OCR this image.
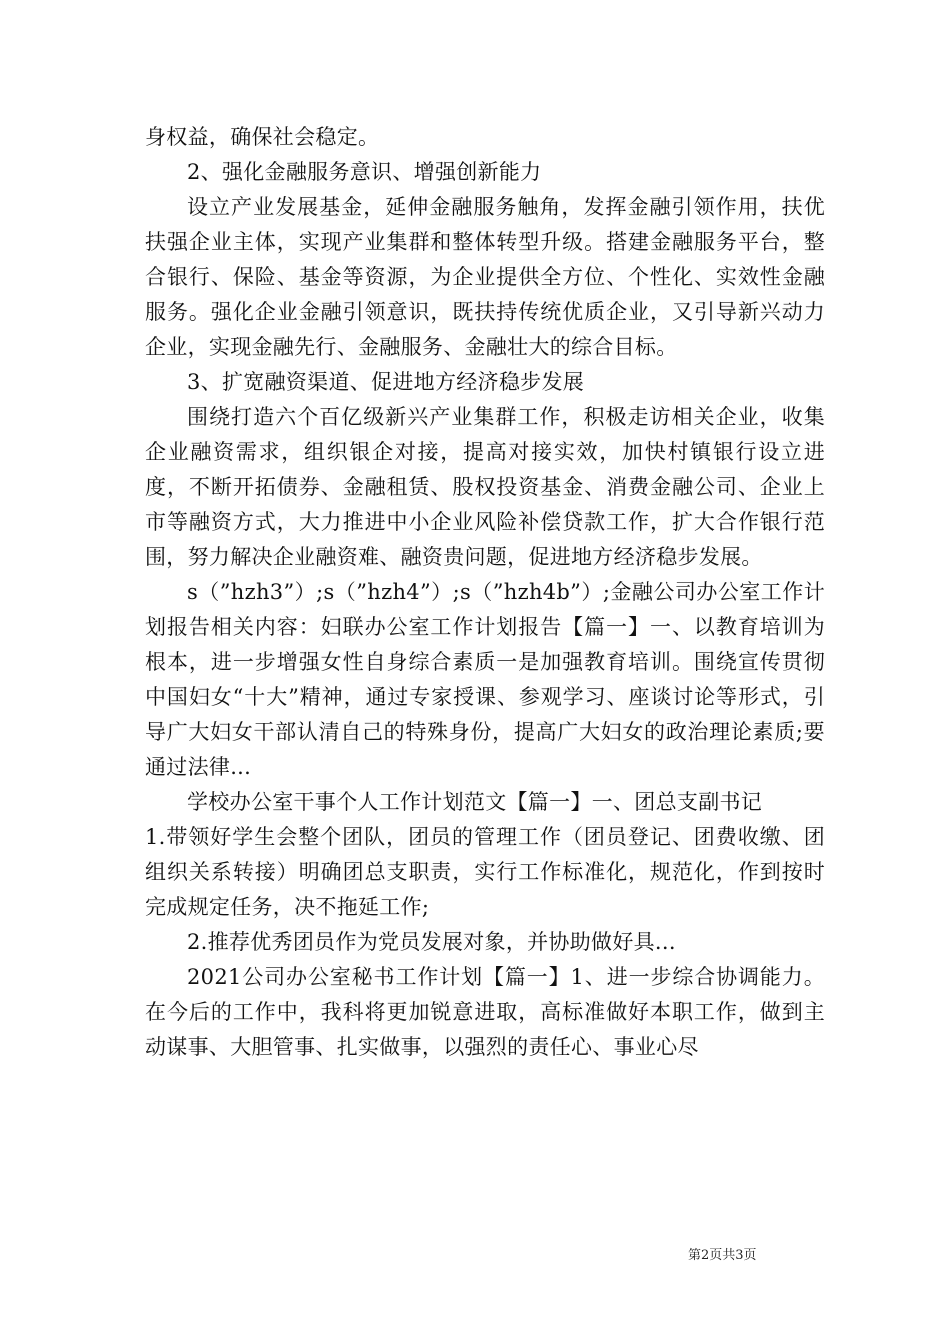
身权益，确保社会稳定。

2、强化金融服务意识、增强创新能力

设立产业发展基金，延伸金融服务触角，发挥金融引领作用，扶优扶强企业主体，实现产业集群和整体转型升级。搭建金融服务平台，整合银行、保险、基金等资源，为企业提供全方位、个性化、实效性金融服务。强化企业金融引领意识，既扶持传统优质企业，又引导新兴动力企业，实现金融先行、金融服务、金融壮大的综合目标。

3、扩宽融资渠道、促进地方经济稳步发展

围绕打造六个百亿级新兴产业集群工作，积极走访相关企业，收集企业融资需求，组织银企对接，提高对接实效，加快村镇银行设立进度，不断开拓债券、金融租赁、股权投资基金、消费金融公司、企业上市等融资方式，大力推进中小企业风险补偿贷款工作，扩大合作银行范围，努力解决企业融资难、融资贵问题，促进地方经济稳步发展。

s（”hzh3”）;s（”hzh4”）;s（”hzh4b”）;金融公司办公室工作计划报告相关内容：妇联办公室工作计划报告【篇一】一、以教育培训为根本，进一步增强女性自身综合素质一是加强教育培训。围绕宣传贯彻中国妇女“十大”精神，通过专家授课、参观学习、座谈讨论等形式，引导广大妇女干部认清自己的特殊身份，提高广大妇女的政治理论素质;要通过法律...

学校办公室干事个人工作计划范文【篇一】一、团总支副书记

1.带领好学生会整个团队，团员的管理工作（团员登记、团费收缴、团组织关系转接）明确团总支职责，实行工作标准化，规范化，作到按时完成规定任务，决不拖延工作;

2.推荐优秀团员作为党员发展对象，并协助做好具...

2021公司办公室秘书工作计划【篇一】1、进一步综合协调能力。在今后的工作中，我科将更加锐意进取，高标准做好本职工作，做到主动谋事、大胆管事、扎实做事，以强烈的责任心、事业心尽

第2页共3页
